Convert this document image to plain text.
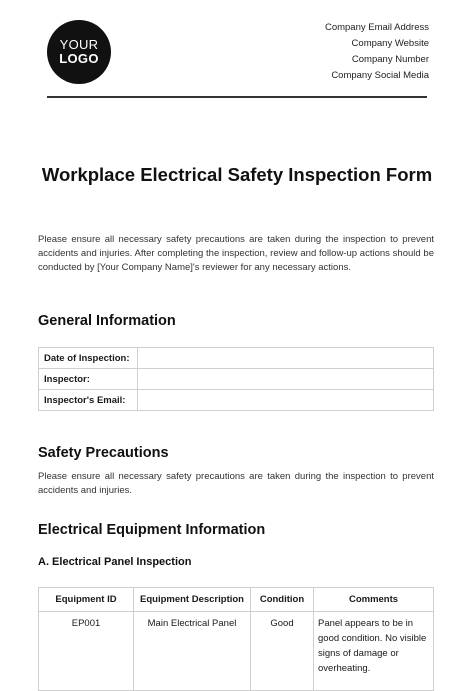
YOUR
LOGO
Company Email Address
Company Website
Company Number
Company Social Media
Workplace Electrical Safety Inspection Form
Please ensure all necessary safety precautions are taken during the inspection to prevent accidents and injuries. After completing the inspection, review and follow-up actions should be conducted by [Your Company Name]'s reviewer for any necessary actions.
General Information
Date of Inspection:	
Inspector:	
Inspector's Email:	
Safety Precautions
Please ensure all necessary safety precautions are taken during the inspection to prevent accidents and injuries.
Electrical Equipment Information
A. Electrical Panel Inspection
Equipment ID	Equipment Description	Condition	Comments
EP001	Main Electrical Panel	Good	Panel appears to be in good condition. No visible signs of damage or overheating.
